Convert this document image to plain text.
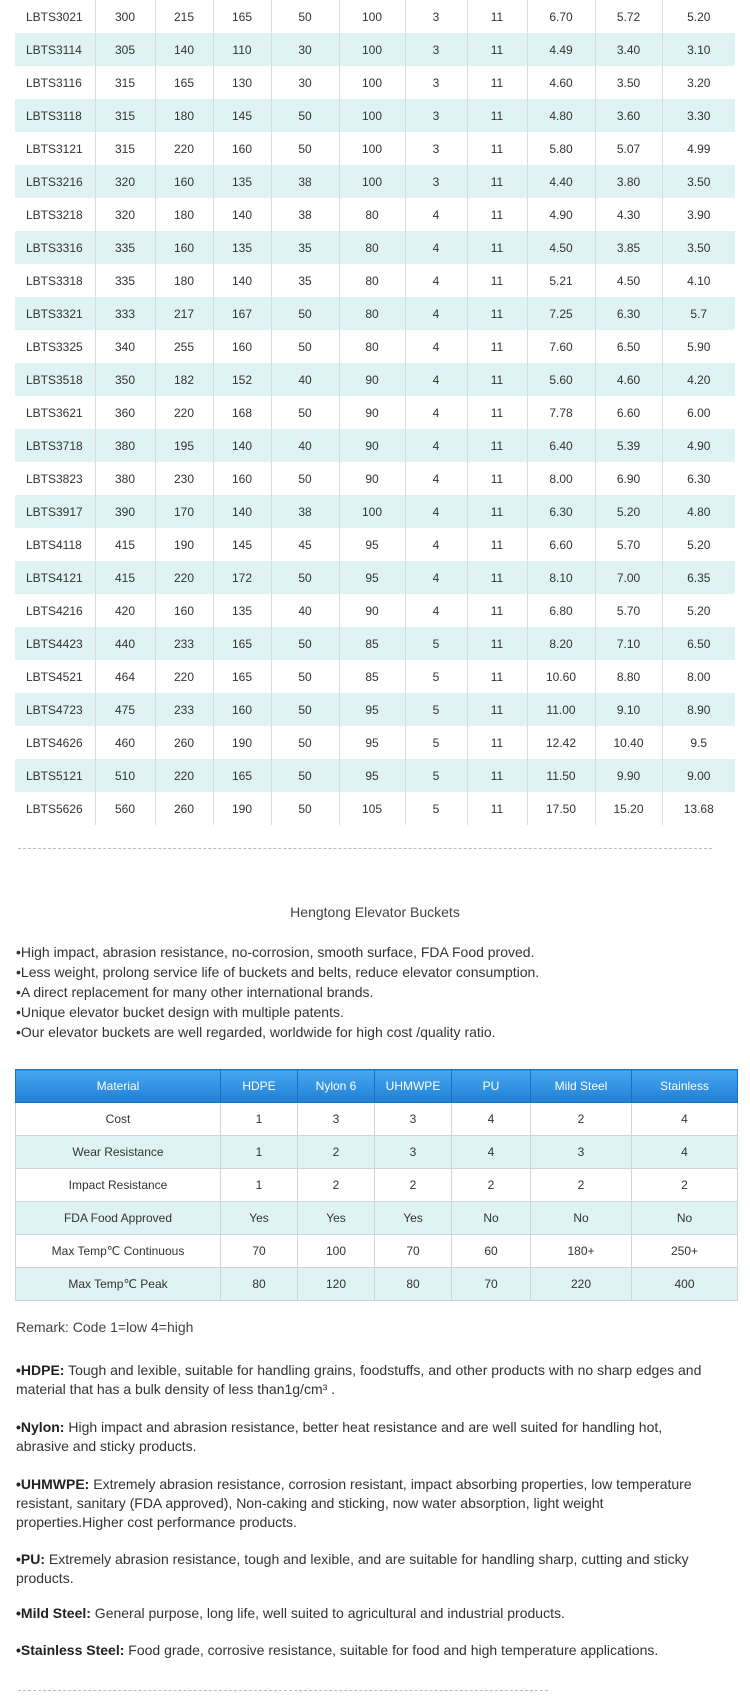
LBTS3021	300	215	165	50	100	3	11	6.70	5.72	5.20
LBTS3114	305	140	110	30	100	3	11	4.49	3.40	3.10
LBTS3116	315	165	130	30	100	3	11	4.60	3.50	3.20
LBTS3118	315	180	145	50	100	3	11	4.80	3.60	3.30
LBTS3121	315	220	160	50	100	3	11	5.80	5.07	4.99
LBTS3216	320	160	135	38	100	3	11	4.40	3.80	3.50
LBTS3218	320	180	140	38	80	4	11	4.90	4.30	3.90
LBTS3316	335	160	135	35	80	4	11	4.50	3.85	3.50
LBTS3318	335	180	140	35	80	4	11	5.21	4.50	4.10
LBTS3321	333	217	167	50	80	4	11	7.25	6.30	5.7
LBTS3325	340	255	160	50	80	4	11	7.60	6.50	5.90
LBTS3518	350	182	152	40	90	4	11	5.60	4.60	4.20
LBTS3621	360	220	168	50	90	4	11	7.78	6.60	6.00
LBTS3718	380	195	140	40	90	4	11	6.40	5.39	4.90
LBTS3823	380	230	160	50	90	4	11	8.00	6.90	6.30
LBTS3917	390	170	140	38	100	4	11	6.30	5.20	4.80
LBTS4118	415	190	145	45	95	4	11	6.60	5.70	5.20
LBTS4121	415	220	172	50	95	4	11	8.10	7.00	6.35
LBTS4216	420	160	135	40	90	4	11	6.80	5.70	5.20
LBTS4423	440	233	165	50	85	5	11	8.20	7.10	6.50
LBTS4521	464	220	165	50	85	5	11	10.60	8.80	8.00
LBTS4723	475	233	160	50	95	5	11	11.00	9.10	8.90
LBTS4626	460	260	190	50	95	5	11	12.42	10.40	9.5
LBTS5121	510	220	165	50	95	5	11	11.50	9.90	9.00
LBTS5626	560	260	190	50	105	5	11	17.50	15.20	13.68
Hengtong Elevator Buckets
•High impact, abrasion resistance, no-corrosion, smooth surface, FDA Food proved.
•Less weight, prolong service life of buckets and belts, reduce elevator consumption.
•A direct replacement for many other international brands.
•Unique elevator bucket design with multiple patents.
•Our elevator buckets are well regarded, worldwide for high cost /quality ratio.
Material	HDPE	Nylon 6	UHMWPE	PU	Mild Steel	Stainless
Cost	1	3	3	4	2	4
Wear Resistance	1	2	3	4	3	4
Impact Resistance	1	2	2	2	2	2
FDA Food Approved	Yes	Yes	Yes	No	No	No
Max Temp℃ Continuous	70	100	70	60	180+	250+
Max Temp℃ Peak	80	120	80	70	220	400
Remark: Code 1=low 4=high
•HDPE: Tough and lexible, suitable for handling grains, foodstuffs, and other products with no sharp edges and material that has a bulk density of less than1g/cm³ .
•Nylon: High impact and abrasion resistance, better heat resistance and are well suited for handling hot, abrasive and sticky products.
•UHMWPE: Extremely abrasion resistance, corrosion resistant, impact absorbing properties, low temperature resistant, sanitary (FDA approved), Non-caking and sticking, now water absorption, light weight properties.Higher cost performance products.
•PU: Extremely abrasion resistance, tough and lexible, and are suitable for handling sharp, cutting and sticky products.
•Mild Steel: General purpose, long life, well suited to agricultural and industrial products.
•Stainless Steel: Food grade, corrosive resistance, suitable for food and high temperature applications.
